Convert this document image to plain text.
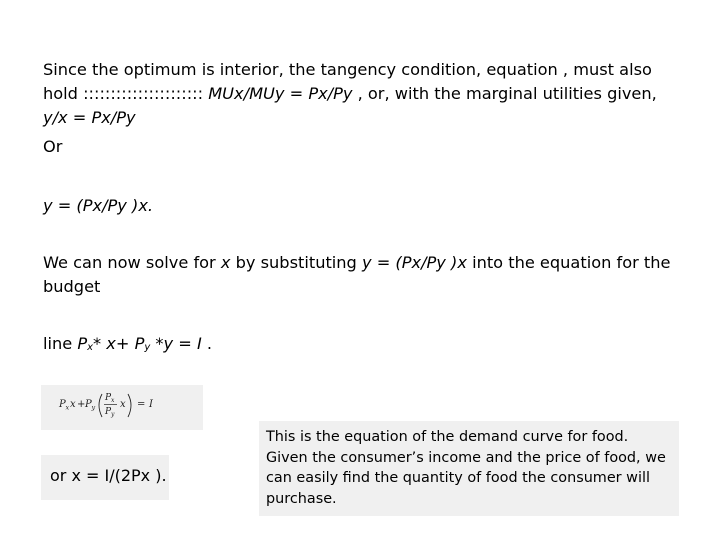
Since the optimum is interior, the tangency condition, equation , must also
hold :::::::::::::::::::::: MUx/MUy = Px/Py , or, with the marginal utilities given,
y/x = Px/Py
Or
y = (Px/Py )x.
We can now solve for x by substituting y = (Px/Py )x into the equation for the
budget
line Px* x+ Py *y = I .
P x x + P y
P x
P y
x = I
or x = I/(2Px ).
This is the equation of the demand curve for food.
Given the consumer’s income and the price of food, we
can easily find the quantity of food the consumer will
purchase.
